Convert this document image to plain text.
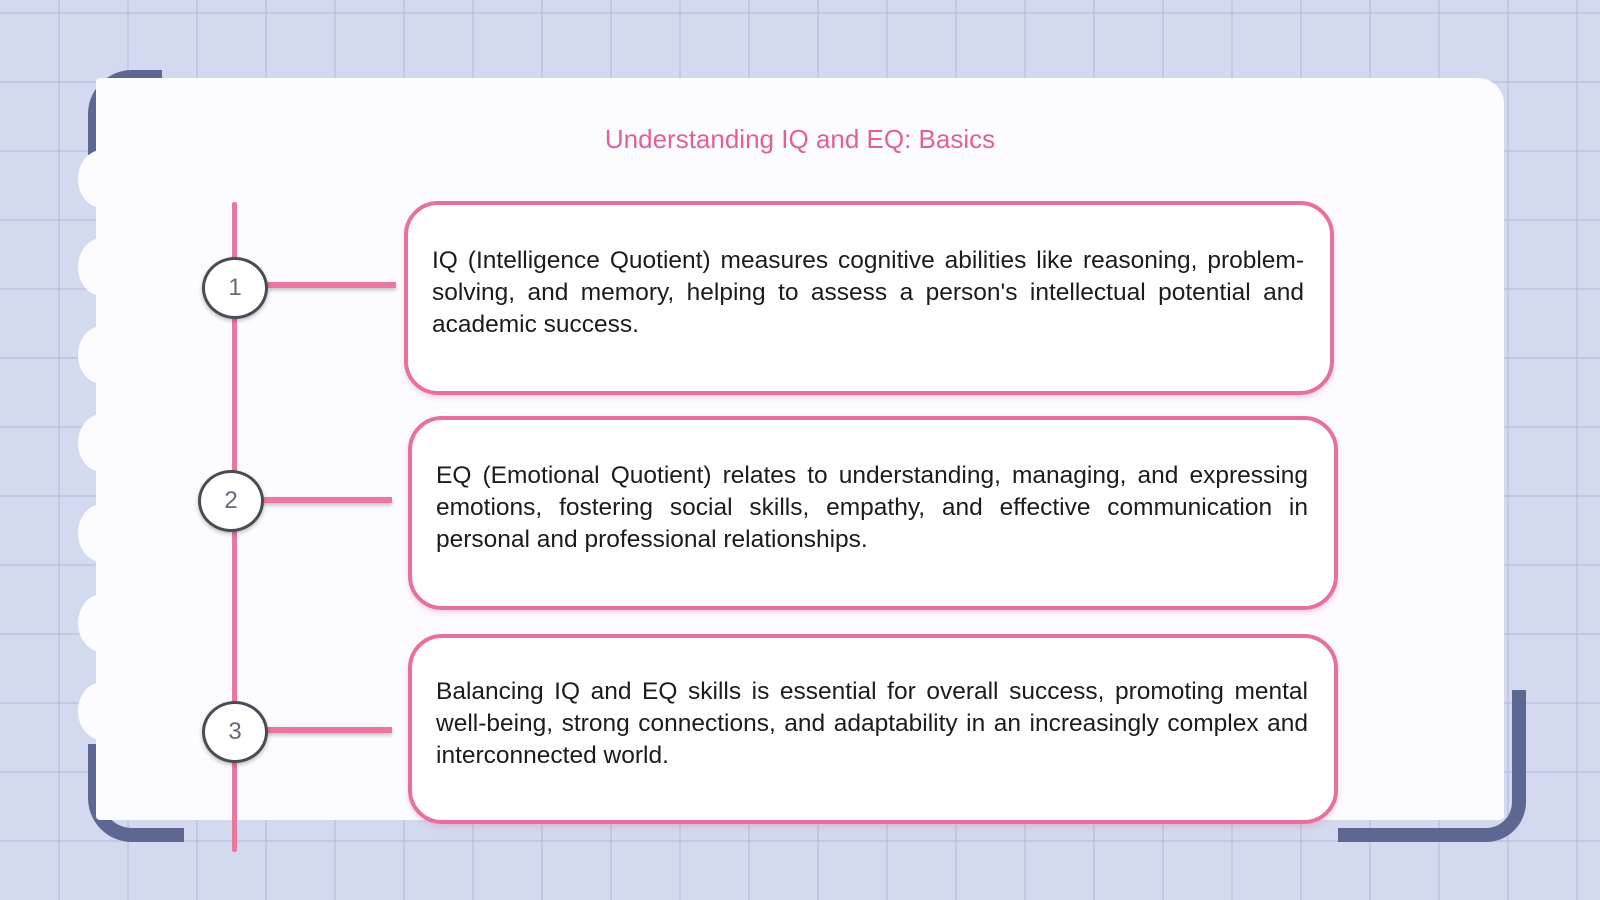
Understanding IQ and EQ: Basics
1

IQ (Intelligence Quotient) measures cognitive abilities like reasoning, problem-solving, and memory, helping to assess a person's intellectual potential and academic success.

2

EQ (Emotional Quotient) relates to understanding, managing, and expressing emotions, fostering social skills, empathy, and effective communication in personal and professional relationships.

3

Balancing IQ and EQ skills is essential for overall success, promoting mental well-being, strong connections, and adaptability in an increasingly complex and interconnected world.
